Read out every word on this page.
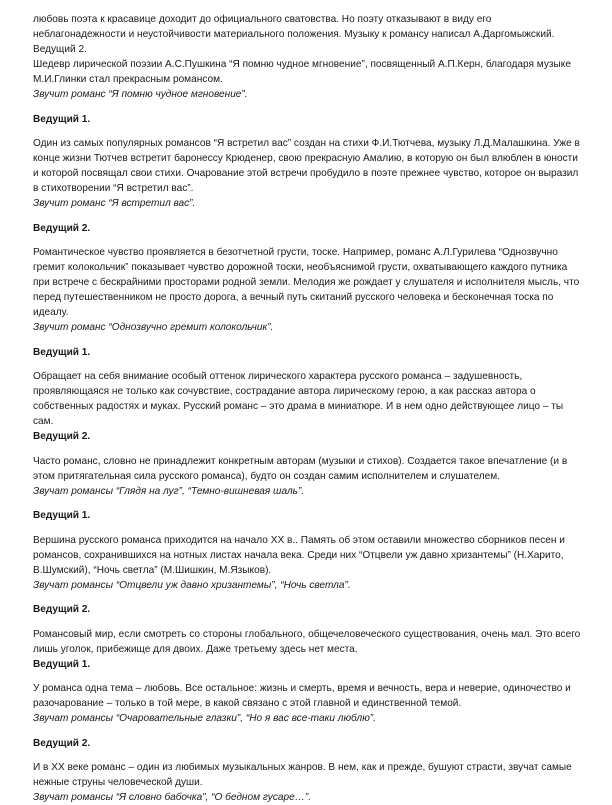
любовь поэта к красавице доходит до официального сватовства. Но поэту отказывают в виду его неблагонадежности и неустойчивости материального положения. Музыку к романсу написал А.Даргомыжский.
Ведущий 2.
Шедевр лирической поэзии А.С.Пушкина “Я помню чудное мгновение”, посвященный А.П.Керн, благодаря музыке М.И.Глинки стал прекрасным романсом.
Звучит романс “Я помню чудное мгновение”.
Ведущий 1.
Один из самых популярных романсов “Я встретил вас” создан на стихи Ф.И.Тютчева, музыку Л.Д.Малашкина. Уже в конце жизни Тютчев встретит баронессу Крюденер, свою прекрасную Амалию, в которую он был влюблен в юности и которой посвящал свои стихи. Очарование этой встречи пробудило в поэте прежнее чувство, которое он выразил в стихотворении “Я встретил вас”.
Звучит романс “Я встретил вас”.
Ведущий 2.
Романтическое чувство проявляется в безотчетной грусти, тоске. Например, романс А.Л.Гурилева “Однозвучно гремит колокольчик” показывает чувство дорожной тоски, необъяснимой грусти, охватывающего каждого путника при встрече с бескрайними просторами родной земли. Мелодия же рождает у слушателя и исполнителя мысль, что перед путешественником не просто дорога, а вечный путь скитаний русского человека и бесконечная тоска по идеалу.
Звучит романс “Однозвучно гремит колокольчик”.
Ведущий 1.
Обращает на себя внимание особый оттенок лирического характера русского романса – задушевность, проявляющаяся не только как сочувствие, сострадание автора лирическому герою, а как рассказ автора о собственных радостях и муках. Русский романс – это драма в миниатюре. И в нем одно действующее лицо – ты сам.
Ведущий 2.
Часто романс, словно не принадлежит конкретным авторам (музыки и стихов). Создается такое впечатление (и в этом притягательная сила русского романса), будто он создан самим исполнителем и слушателем.
Звучат романсы “Глядя на луг”, “Темно-вишневая шаль”.
Ведущий 1.
Вершина русского романса приходится на начало XX в.. Память об этом оставили множество сборников песен и романсов, сохранившихся на нотных листах начала века. Среди них “Отцвели уж давно хризантемы” (Н.Харито, В.Шумский), “Ночь светла” (М.Шишкин, М.Языков).
Звучат романсы “Отцвели уж давно хризантемы”, “Ночь светла”.
Ведущий 2.
Романсовый мир, если смотреть со стороны глобального, общечеловеческого существования, очень мал. Это всего лишь уголок, прибежище для двоих. Даже третьему здесь нет места.
Ведущий 1.
У романса одна тема – любовь. Все остальное: жизнь и смерть, время и вечность, вера и неверие, одиночество и разочарование – только в той мере, в какой связано с этой главной и единственной темой.
Звучат романсы “Очаровательные глазки”, “Но я вас все-таки люблю”.
Ведущий 2.
И в XX веке романс – один из любимых музыкальных жанров. В нем, как и прежде, бушуют страсти, звучат самые нежные струны человеческой души.
Звучат романсы “Я словно бабочка”, “О бедном гусаре…”.
